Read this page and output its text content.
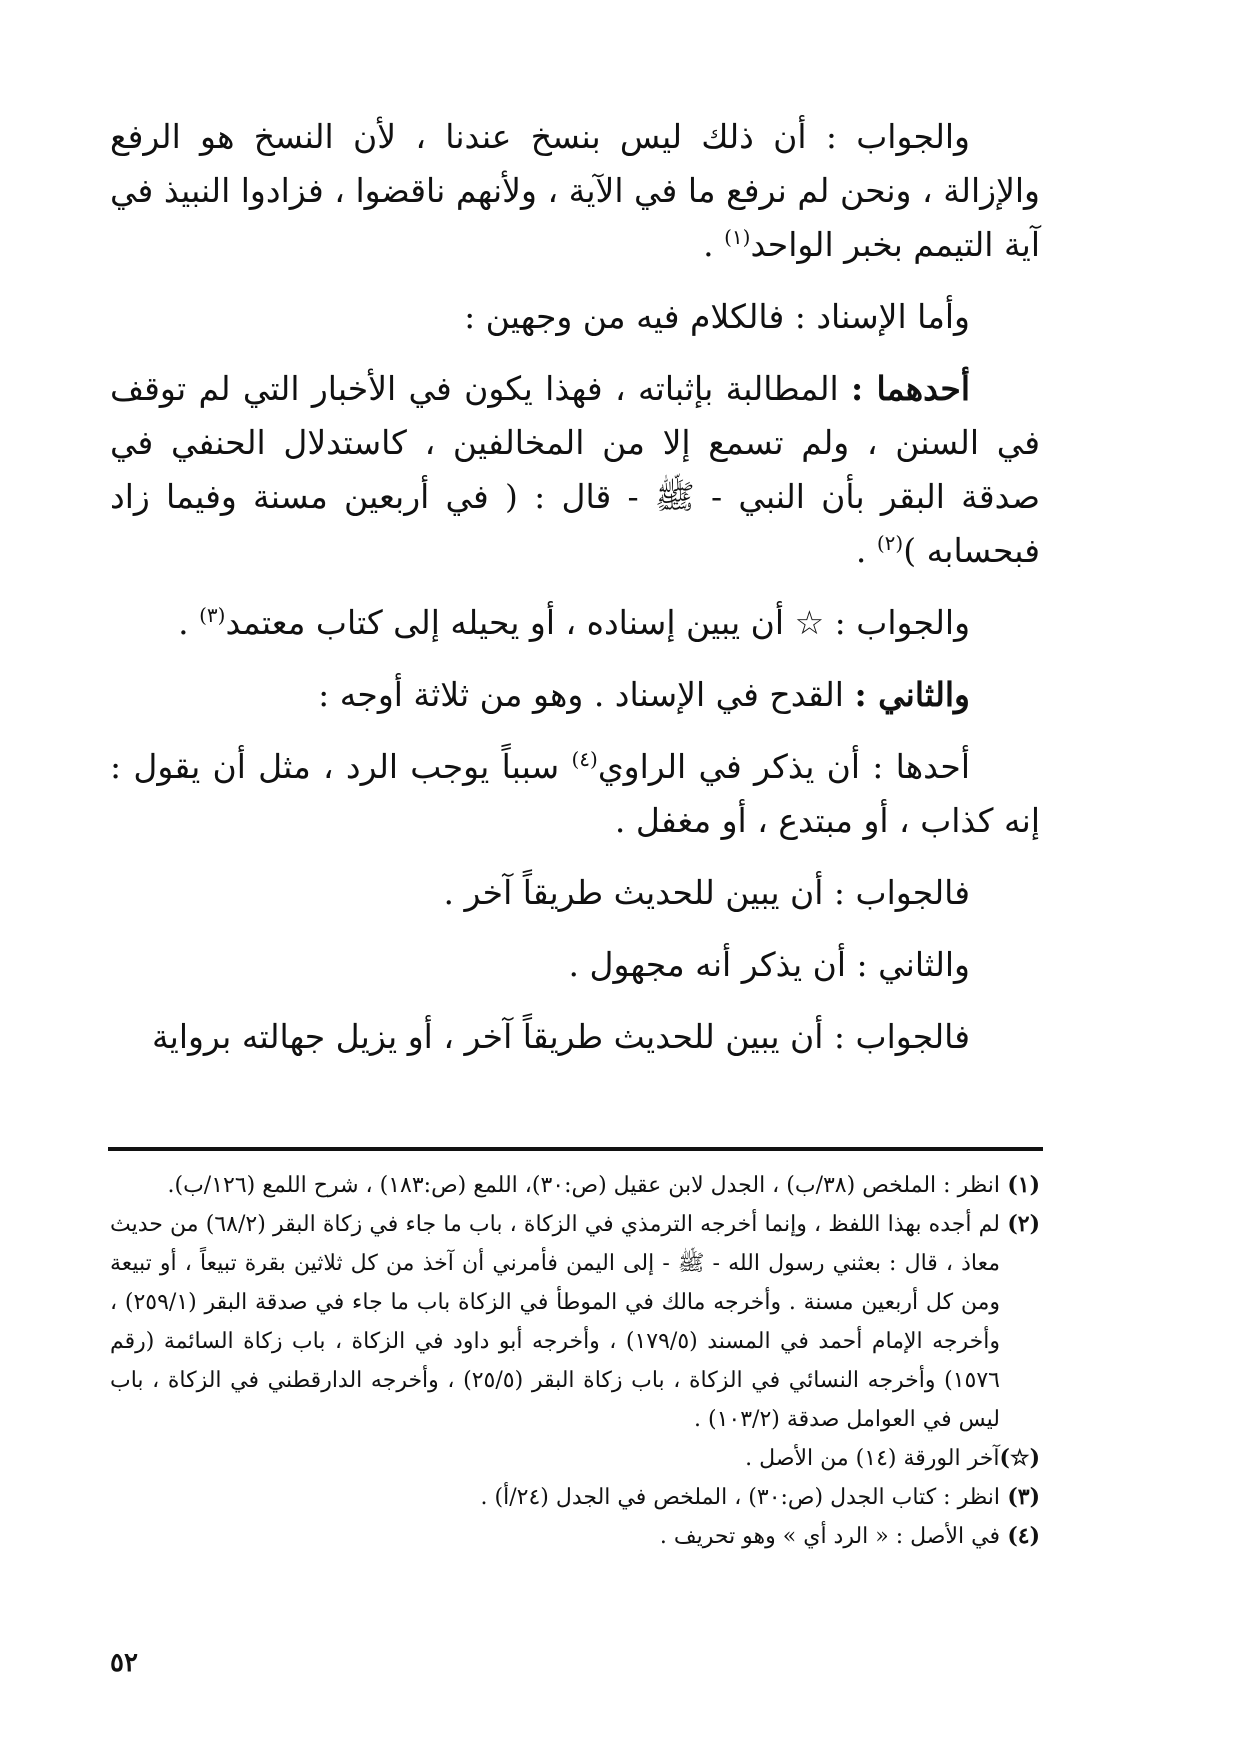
والجواب : أن ذلك ليس بنسخ عندنا ، لأن النسخ هو الرفع والإزالة ، ونحن لم نرفع ما في الآية ، ولأنهم ناقضوا ، فزادوا النبيذ في آية التيمم بخبر الواحد$^{(١)}$ .

وأما الإسناد : فالكلام فيه من وجهين :

أحدهما : المطالبة بإثباته ، فهذا يكون في الأخبار التي لم توقف في السنن ، ولم تسمع إلا من المخالفين ، كاستدلال الحنفي في صدقة البقر بأن النبي - ﷺ - قال : ( في أربعين مسنة وفيما زاد فبحسابه )$^{(٢)}$ .

والجواب : ☆ أن يبين إسناده ، أو يحيله إلى كتاب معتمد$^{(٣)}$ .

والثاني : القدح في الإسناد . وهو من ثلاثة أوجه :

أحدها : أن يذكر في الراوي$^{(٤)}$ سبباً يوجب الرد ، مثل أن يقول : إنه كذاب ، أو مبتدع ، أو مغفل .

فالجواب : أن يبين للحديث طريقاً آخر .

والثاني : أن يذكر أنه مجهول .

فالجواب : أن يبين للحديث طريقاً آخر ، أو يزيل جهالته برواية

(١)
انظر : الملخص (٣٨/ب) ، الجدل لابن عقيل (ص:٣٠)، اللمع (ص:١٨٣) ، شرح اللمع (١٢٦/ب).
(٢)
لم أجده بهذا اللفظ ، وإنما أخرجه الترمذي في الزكاة ، باب ما جاء في زكاة البقر (٦٨/٢) من حديث معاذ ، قال : بعثني رسول الله - ﷺ - إلى اليمن فأمرني أن آخذ من كل ثلاثين بقرة تبيعاً ، أو تبيعة ومن كل أربعين مسنة . وأخرجه مالك في الموطأ في الزكاة باب ما جاء في صدقة البقر (٢٥٩/١) ، وأخرجه الإمام أحمد في المسند (١٧٩/٥) ، وأخرجه أبو داود في الزكاة ، باب زكاة السائمة (رقم ١٥٧٦) وأخرجه النسائي في الزكاة ، باب زكاة البقر (٢٥/٥) ، وأخرجه الدارقطني في الزكاة ، باب ليس في العوامل صدقة (١٠٣/٢) .
(☆)
آخر الورقة (١٤) من الأصل .
(٣)
انظر : كتاب الجدل (ص:٣٠) ، الملخص في الجدل (٢٤/أ) .
(٤)
في الأصل : « الرد أي » وهو تحريف .
٥٢
